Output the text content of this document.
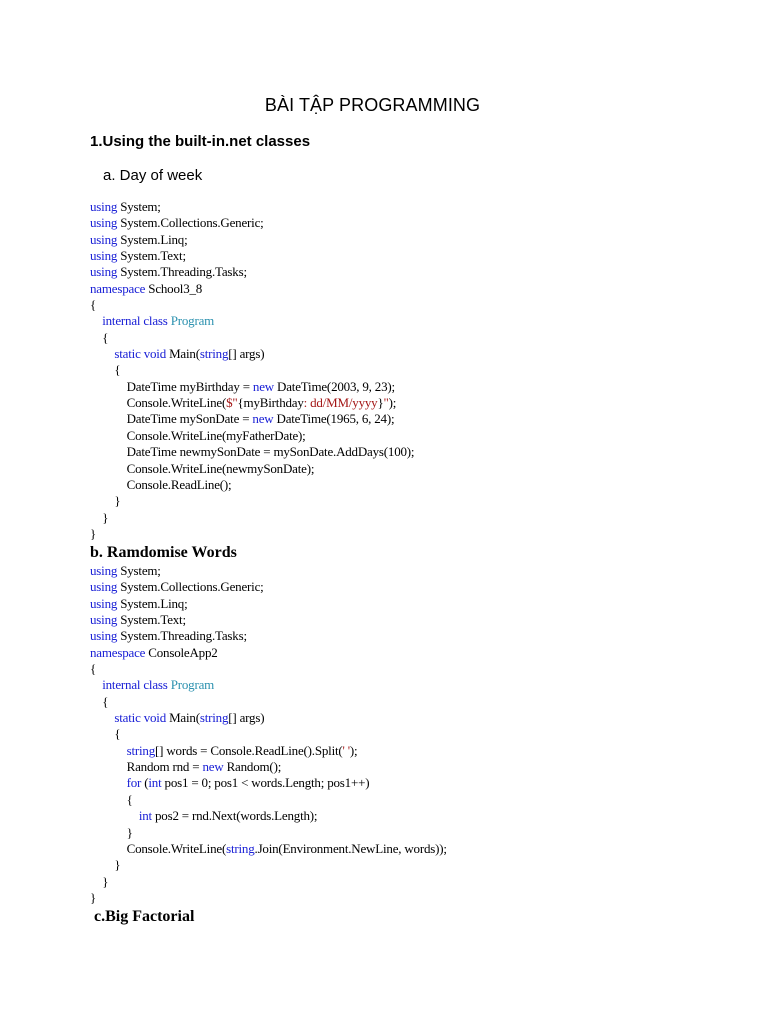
BÀI TẬP PROGRAMMING
1.Using the built-in.net classes
a. Day of week
using System;
using System.Collections.Generic;
using System.Linq;
using System.Text;
using System.Threading.Tasks;
namespace School3_8
{
internal class Program
{
static void Main(string[] args)
{
DateTime myBirthday = new DateTime(2003, 9, 23);
Console.WriteLine($"{myBirthday: dd/MM/yyyy}");
DateTime mySonDate = new DateTime(1965, 6, 24);
Console.WriteLine(myFatherDate);
DateTime newmySonDate = mySonDate.AddDays(100);
Console.WriteLine(newmySonDate);
Console.ReadLine();
}
}
}
b. Ramdomise Words
using System;
using System.Collections.Generic;
using System.Linq;
using System.Text;
using System.Threading.Tasks;
namespace ConsoleApp2
{
internal class Program
{
static void Main(string[] args)
{
string[] words = Console.ReadLine().Split(' ');
Random rnd = new Random();
for (int pos1 = 0; pos1 < words.Length; pos1++)
{
int pos2 = rnd.Next(words.Length);
}
Console.WriteLine(string.Join(Environment.NewLine, words));
}
}
}
c.Big Factorial
